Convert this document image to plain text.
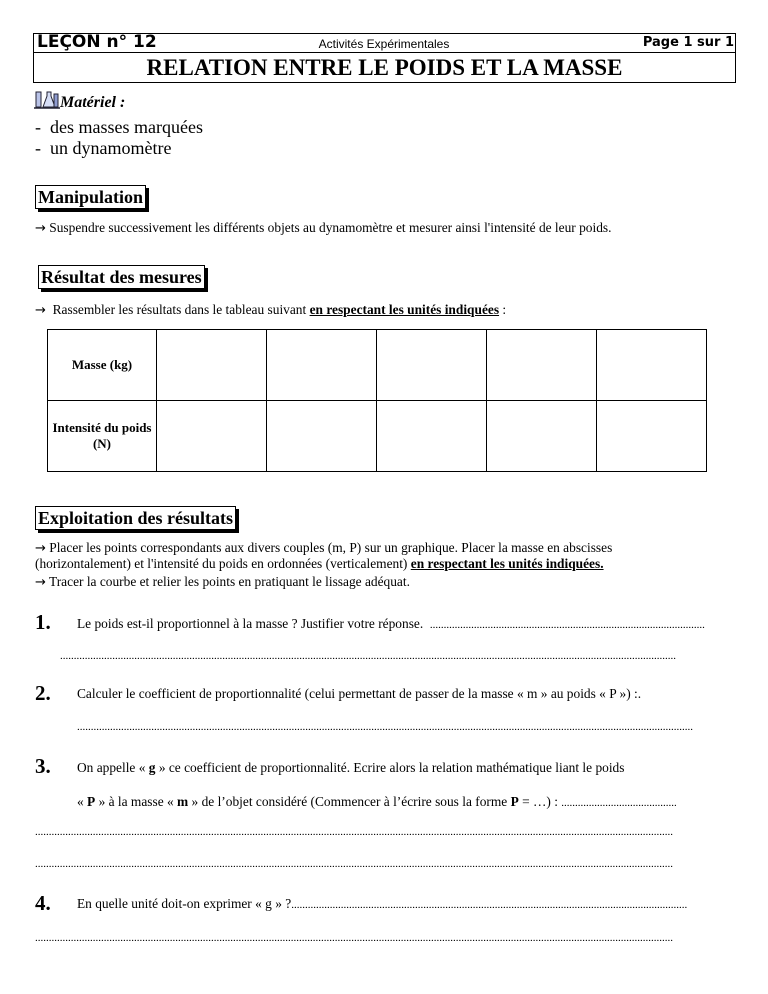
LEÇON n° 12	Activités Expérimentales	Page 1 sur 1
RELATION ENTRE LE POIDS ET LA MASSE
Matériel :
-  des masses marquées
-  un dynamomètre
Manipulation
→ Suspendre successivement les différents objets au dynamomètre et mesurer ainsi l'intensité de leur poids.
Résultat des mesures
→ Rassembler les résultats dans le tableau suivant en respectant les unités indiquées :
Masse (kg)					
Intensité du poids (N)					
Exploitation des résultats
→ Placer les points correspondants aux divers couples (m, P) sur un graphique. Placer la masse en abscisses
(horizontalement) et l'intensité du poids en ordonnées (verticalement) en respectant les unités indiquées.
→ Tracer la courbe et relier les points en pratiquant le lissage adéquat.
1. Le poids est-il proportionnel à la masse ? Justifier votre réponse. ....................................................................................................
................................................................................................................................................................................................................................
2. Calculer le coefficient de proportionnalité (celui permettant de passer de la masse « m » au poids « P ») :.
................................................................................................................................................................................................................................
3. On appelle « g » ce coefficient de proportionnalité. Ecrire alors la relation mathématique liant le poids
« P » à la masse « m » de l’objet considéré (Commencer à l’écrire sous la forme P = …) : ..........................................
........................................................................................................................................................................................................................................
........................................................................................................................................................................................................................................
4. En quelle unité doit-on exprimer « g » ?................................................................................................................................................
........................................................................................................................................................................................................................................
